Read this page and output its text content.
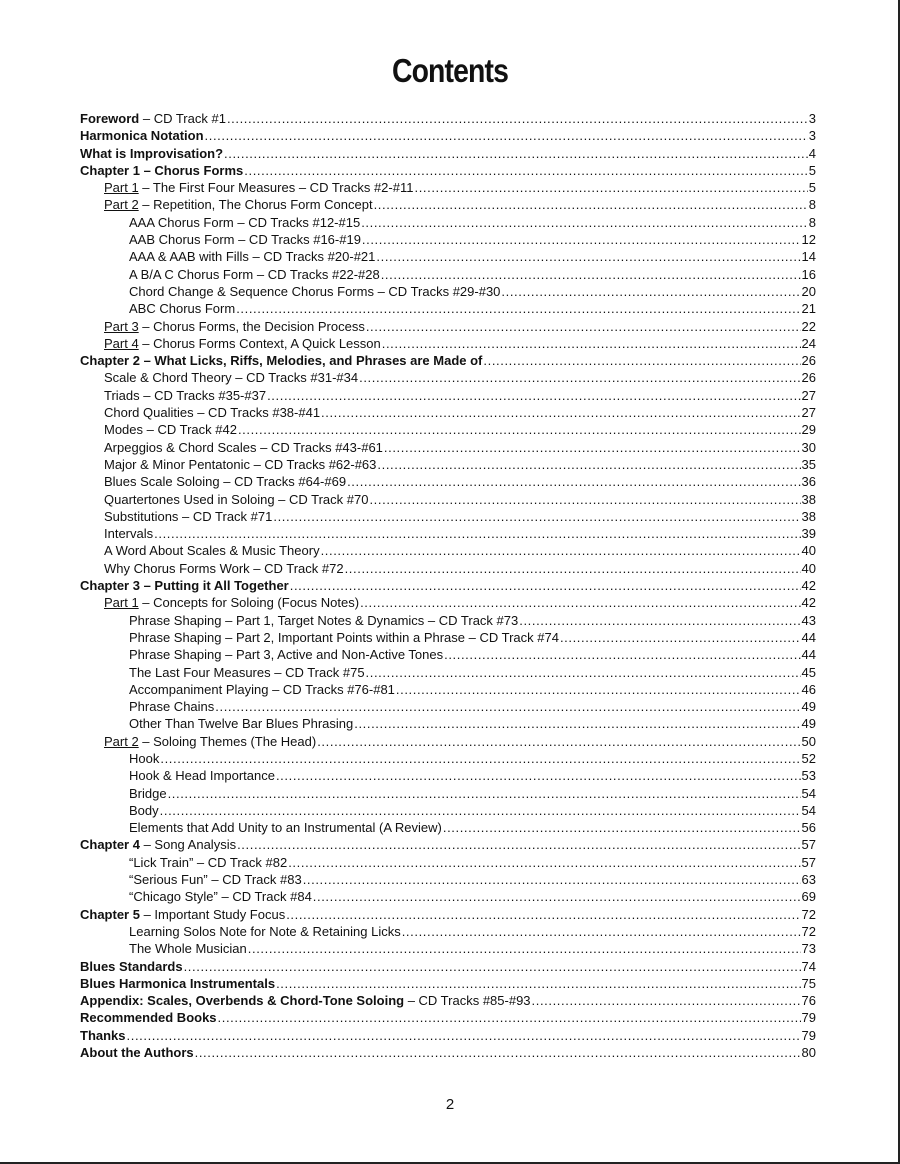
Contents
Foreword – CD Track #1 .....	3
Harmonica Notation .....	3
What is Improvisation? .....	4
Chapter 1 – Chorus Forms .....	5
Part 1 – The First Four Measures – CD Tracks #2-#11 .....	5
Part 2 – Repetition, The Chorus Form Concept .....	8
AAA Chorus Form – CD Tracks #12-#15 .....	8
AAB Chorus Form – CD Tracks #16-#19 .....	12
AAA & AAB with Fills – CD Tracks #20-#21 .....	14
A B/A C Chorus Form – CD Tracks #22-#28 .....	16
Chord Change & Sequence Chorus Forms – CD Tracks #29-#30 .....	20
ABC Chorus Form .....	21
Part 3 – Chorus Forms, the Decision Process .....	22
Part 4 – Chorus Forms Context, A Quick Lesson .....	24
Chapter 2 – What Licks, Riffs, Melodies, and Phrases are Made of .....	26
Scale & Chord Theory – CD Tracks #31-#34 .....	26
Triads – CD Tracks #35-#37 .....	27
Chord Qualities – CD Tracks #38-#41 .....	27
Modes – CD Track #42 .....	29
Arpeggios & Chord Scales – CD Tracks #43-#61 .....	30
Major & Minor Pentatonic – CD Tracks #62-#63 .....	35
Blues Scale Soloing – CD Tracks #64-#69 .....	36
Quartertones Used in Soloing – CD Track #70 .....	38
Substitutions – CD Track #71 .....	38
Intervals .....	39
A Word About Scales & Music Theory .....	40
Why Chorus Forms Work – CD Track #72 .....	40
Chapter 3 – Putting it All Together .....	42
Part 1 – Concepts for Soloing (Focus Notes) .....	42
Phrase Shaping – Part 1, Target Notes & Dynamics – CD Track #73 .....	43
Phrase Shaping – Part 2, Important Points within a Phrase – CD Track #74 .....	44
Phrase Shaping – Part 3, Active and Non-Active Tones .....	44
The Last Four Measures – CD Track #75 .....	45
Accompaniment Playing – CD Tracks #76-#81 .....	46
Phrase Chains .....	49
Other Than Twelve Bar Blues Phrasing .....	49
Part 2 – Soloing Themes (The Head) .....	50
Hook .....	52
Hook & Head Importance .....	53
Bridge .....	54
Body .....	54
Elements that Add Unity to an Instrumental (A Review) .....	56
Chapter 4 – Song Analysis .....	57
“Lick Train” – CD Track #82 .....	57
“Serious Fun” – CD Track #83 .....	63
“Chicago Style” – CD Track #84 .....	69
Chapter 5 – Important Study Focus .....	72
Learning Solos Note for Note & Retaining Licks .....	72
The Whole Musician .....	73
Blues Standards .....	74
Blues Harmonica Instrumentals .....	75
Appendix: Scales, Overbends & Chord-Tone Soloing – CD Tracks #85-#93 .....	76
Recommended Books .....	79
Thanks .....	79
About the Authors .....	80
2
